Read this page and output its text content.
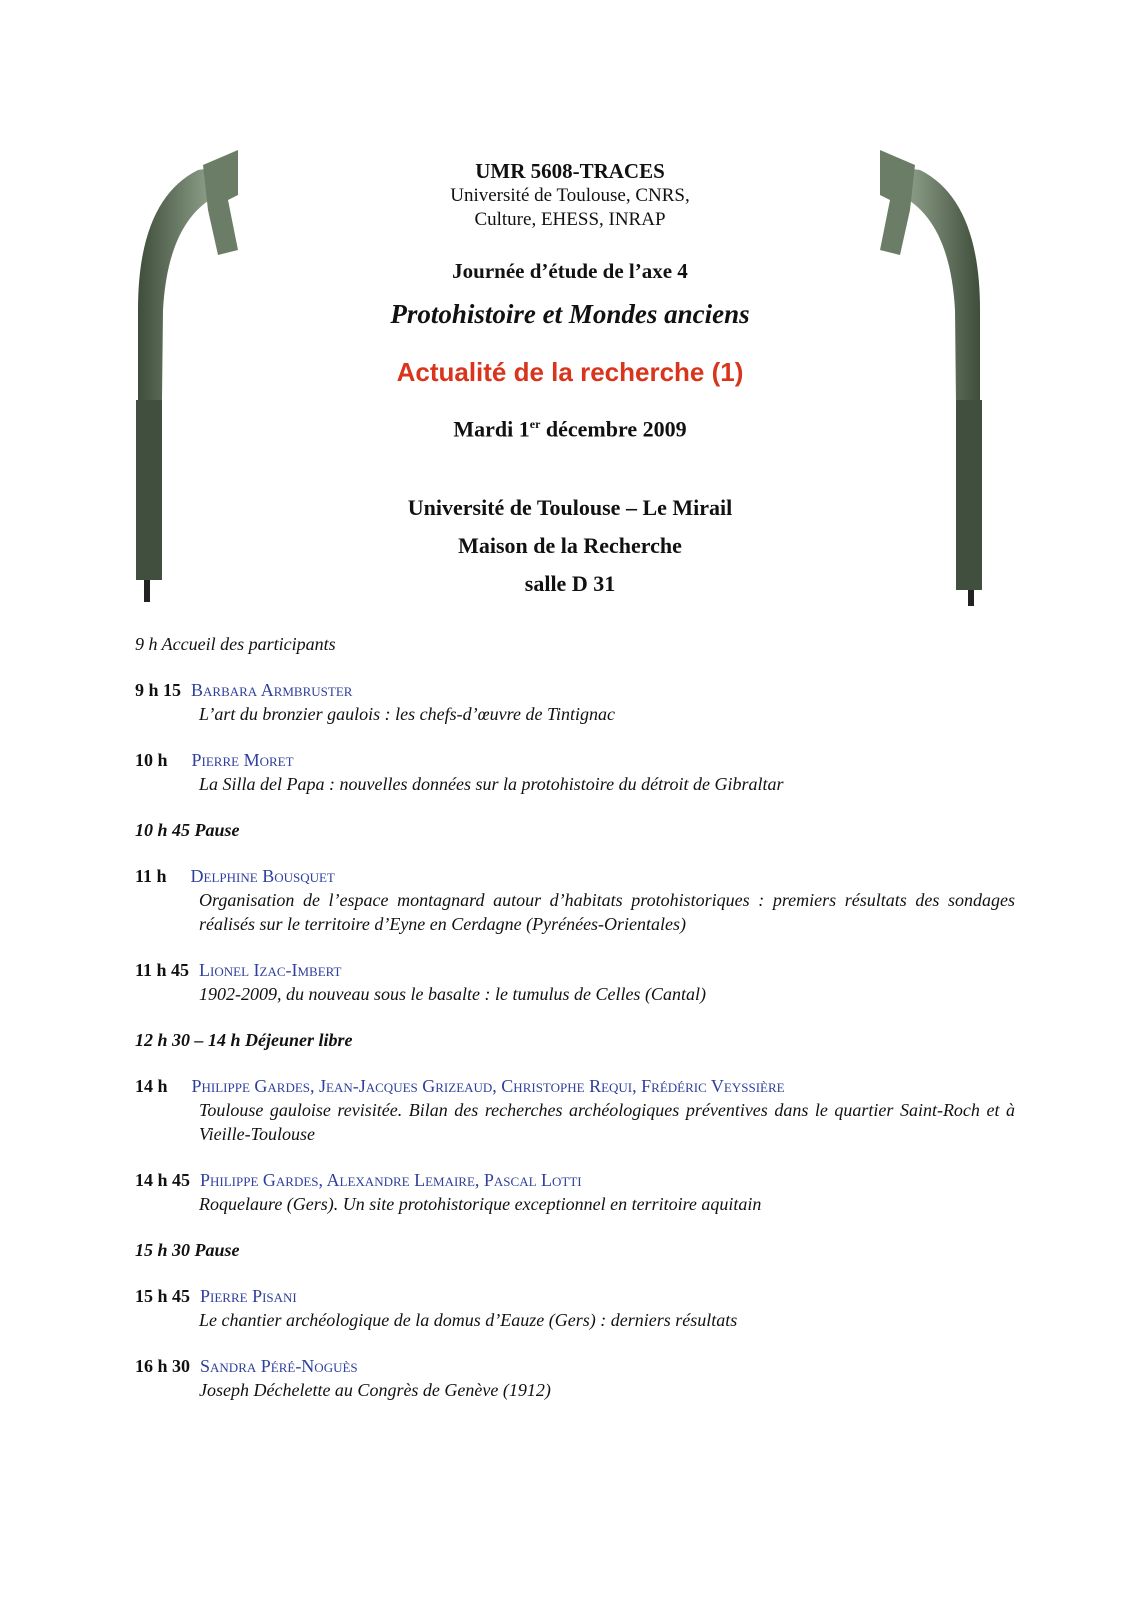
UMR 5608-TRACES
Université de Toulouse, CNRS,
Culture, EHESS, INRAP
Journée d’étude de l’axe 4
Protohistoire et Mondes anciens
Actualité de la recherche (1)
Mardi 1er décembre 2009
Université de Toulouse – Le Mirail
Maison de la Recherche
salle D 31
9 h Accueil des participants
9 h 15 Barbara Armbruster
L’art du bronzier gaulois : les chefs-d’œuvre de Tintignac
10 h Pierre Moret
La Silla del Papa : nouvelles données sur la protohistoire du détroit de Gibraltar
10 h 45 Pause
11 h Delphine Bousquet
Organisation de l’espace montagnard autour d’habitats protohistoriques : premiers résultats des sondages réalisés sur le territoire d’Eyne en Cerdagne (Pyrénées-Orientales)
11 h 45 Lionel Izac-Imbert
1902-2009, du nouveau sous le basalte : le tumulus de Celles (Cantal)
12 h 30 – 14 h Déjeuner libre
14 h Philippe Gardes, Jean-Jacques Grizeaud, Christophe Requi, Frédéric Veyssière
Toulouse gauloise revisitée. Bilan des recherches archéologiques préventives dans le quartier Saint-Roch et à Vieille-Toulouse
14 h 45 Philippe Gardes, Alexandre Lemaire, Pascal Lotti
Roquelaure (Gers). Un site protohistorique exceptionnel en territoire aquitain
15 h 30 Pause
15 h 45 Pierre Pisani
Le chantier archéologique de la domus d’Eauze (Gers) : derniers résultats
16 h 30 Sandra Péré-Noguès
Joseph Déchelette au Congrès de Genève (1912)
